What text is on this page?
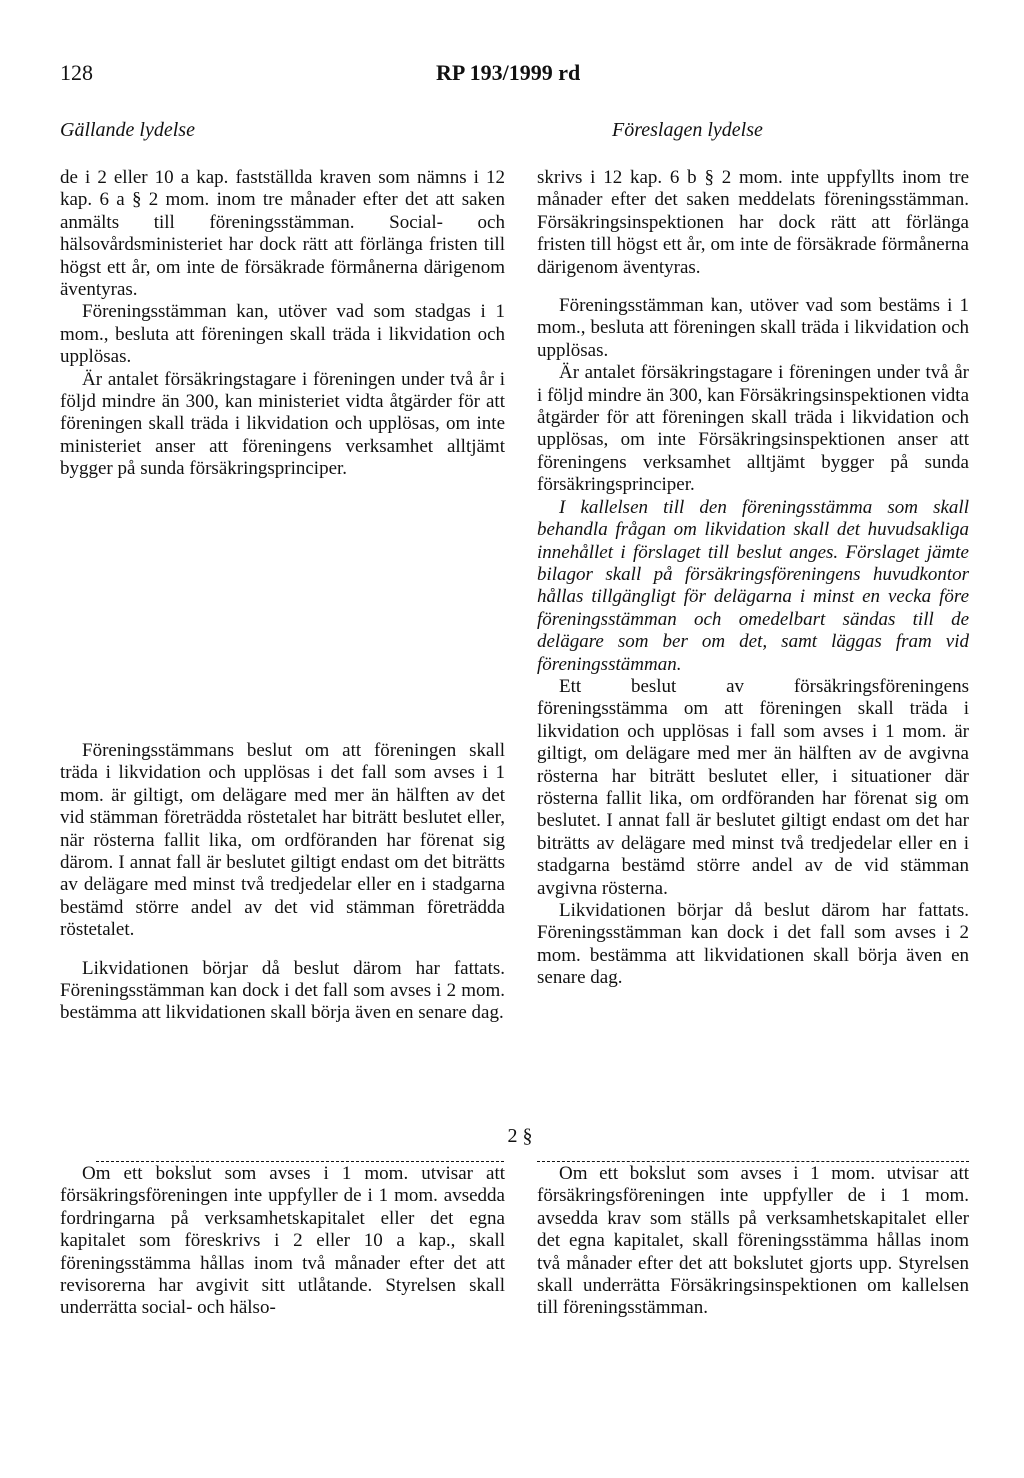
128	RP 193/1999 rd
Gällande lydelse	Föreslagen lydelse

de i 2 eller 10 a kap. fastställda kraven som nämns i 12 kap. 6 a § 2 mom. inom tre månader efter det att saken anmälts till föreningsstämman. Social- och hälsovårdsministeriet har dock rätt att förlänga fristen till högst ett år, om inte de försäkrade förmånerna därigenom äventyras.

Föreningsstämman kan, utöver vad som stadgas i 1 mom., besluta att föreningen skall träda i likvidation och upplösas.

Är antalet försäkringstagare i föreningen under två år i följd mindre än 300, kan ministeriet vidta åtgärder för att föreningen skall träda i likvidation och upplösas, om inte ministeriet anser att föreningens verksamhet alltjämt bygger på sunda försäkringsprinciper.

Föreningsstämmans beslut om att föreningen skall träda i likvidation och upplösas i det fall som avses i 1 mom. är giltigt, om delägare med mer än hälften av det vid stämman företrädda röstetalet har biträtt beslutet eller, när rösterna fallit lika, om ordföranden har förenat sig därom. I annat fall är beslutet giltigt endast om det biträtts av delägare med minst två tredjedelar eller en i stadgarna bestämd större andel av det vid stämman företrädda röstetalet.

Likvidationen börjar då beslut därom har fattats. Föreningsstämman kan dock i det fall som avses i 2 mom. bestämma att likvidationen skall börja även en senare dag.

skrivs i 12 kap. 6 b § 2 mom. inte uppfyllts inom tre månader efter det saken meddelats föreningsstämman. Försäkringsinspektionen har dock rätt att förlänga fristen till högst ett år, om inte de försäkrade förmånerna därigenom äventyras.

Föreningsstämman kan, utöver vad som bestäms i 1 mom., besluta att föreningen skall träda i likvidation och upplösas.

Är antalet försäkringstagare i föreningen under två år i följd mindre än 300, kan Försäkringsinspektionen vidta åtgärder för att föreningen skall träda i likvidation och upplösas, om inte Försäkringsinspektionen anser att föreningens verksamhet alltjämt bygger på sunda försäkringsprinciper.

I kallelsen till den föreningsstämma som skall behandla frågan om likvidation skall det huvudsakliga innehållet i förslaget till beslut anges. Förslaget jämte bilagor skall på försäkringsföreningens huvudkontor hållas tillgängligt för delägarna i minst en vecka före föreningsstämman och omedelbart sändas till de delägare som ber om det, samt läggas fram vid föreningsstämman.

Ett beslut av försäkringsföreningens föreningsstämma om att föreningen skall träda i likvidation och upplösas i fall som avses i 1 mom. är giltigt, om delägare med mer än hälften av de avgivna rösterna har biträtt beslutet eller, i situationer där rösterna fallit lika, om ordföranden har förenat sig om beslutet. I annat fall är beslutet giltigt endast om det har biträtts av delägare med minst två tredjedelar eller en i stadgarna bestämd större andel av de vid stämman avgivna rösterna.

Likvidationen börjar då beslut därom har fattats. Föreningsstämman kan dock i det fall som avses i 2 mom. bestämma att likvidationen skall börja även en senare dag.

2 §

Om ett bokslut som avses i 1 mom. utvisar att försäkringsföreningen inte uppfyller de i 1 mom. avsedda fordringarna på verksamhetskapitalet eller det egna kapitalet som föreskrivs i 2 eller 10 a kap., skall föreningsstämma hållas inom två månader efter det att revisorerna har avgivit sitt utlåtande. Styrelsen skall underrätta social- och hälso-

Om ett bokslut som avses i 1 mom. utvisar att försäkringsföreningen inte uppfyller de i 1 mom. avsedda krav som ställs på verksamhetskapitalet eller det egna kapitalet, skall föreningsstämma hållas inom två månader efter det att bokslutet gjorts upp. Styrelsen skall underrätta Försäkringsinspektionen om kallelsen till föreningsstämman.
